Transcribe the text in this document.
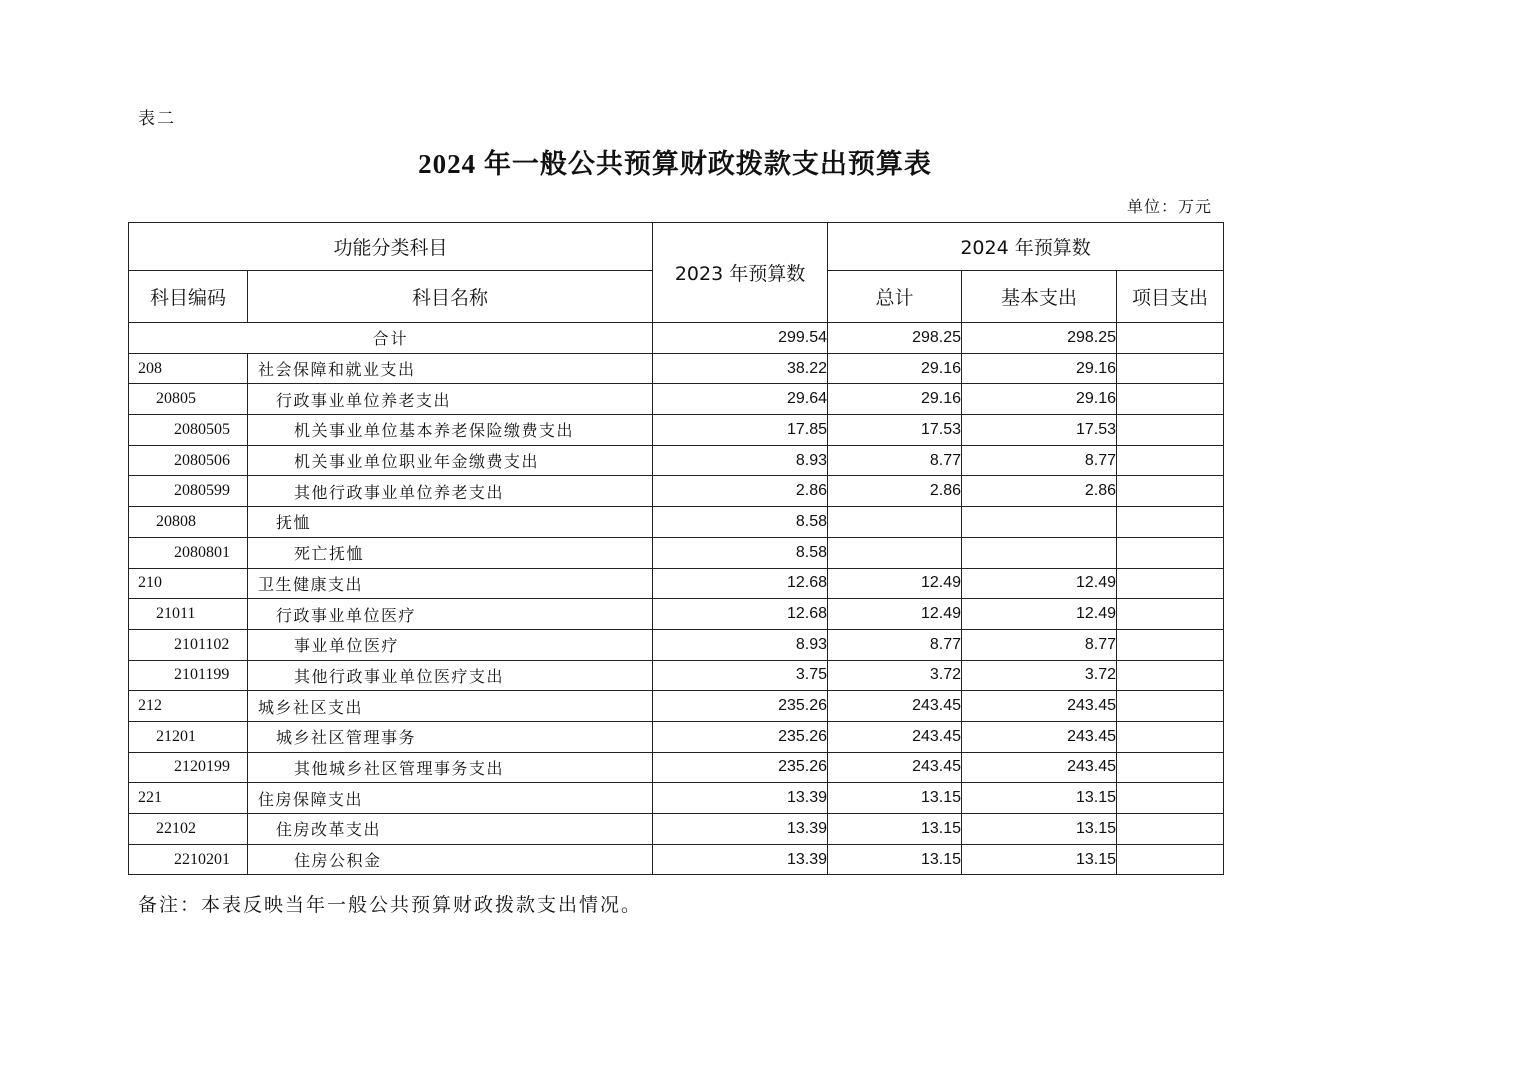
表二
2024 年一般公共预算财政拨款支出预算表
单位：万元
功能分类科目		2023 年预算数	2024 年预算数		
科目编码	科目名称		总计	基本支出	项目支出
合计		299.54	298.25	298.25	
208	社会保障和就业支出	38.22	29.16	29.16	
20805	行政事业单位养老支出	29.64	29.16	29.16	
2080505	机关事业单位基本养老保险缴费支出	17.85	17.53	17.53	
2080506	机关事业单位职业年金缴费支出	8.93	8.77	8.77	
2080599	其他行政事业单位养老支出	2.86	2.86	2.86	
20808	抚恤	8.58			
2080801	死亡抚恤	8.58			
210	卫生健康支出	12.68	12.49	12.49	
21011	行政事业单位医疗	12.68	12.49	12.49	
2101102	事业单位医疗	8.93	8.77	8.77	
2101199	其他行政事业单位医疗支出	3.75	3.72	3.72	
212	城乡社区支出	235.26	243.45	243.45	
21201	城乡社区管理事务	235.26	243.45	243.45	
2120199	其他城乡社区管理事务支出	235.26	243.45	243.45	
221	住房保障支出	13.39	13.15	13.15	
22102	住房改革支出	13.39	13.15	13.15	
2210201	住房公积金	13.39	13.15	13.15	
备注：本表反映当年一般公共预算财政拨款支出情况。
